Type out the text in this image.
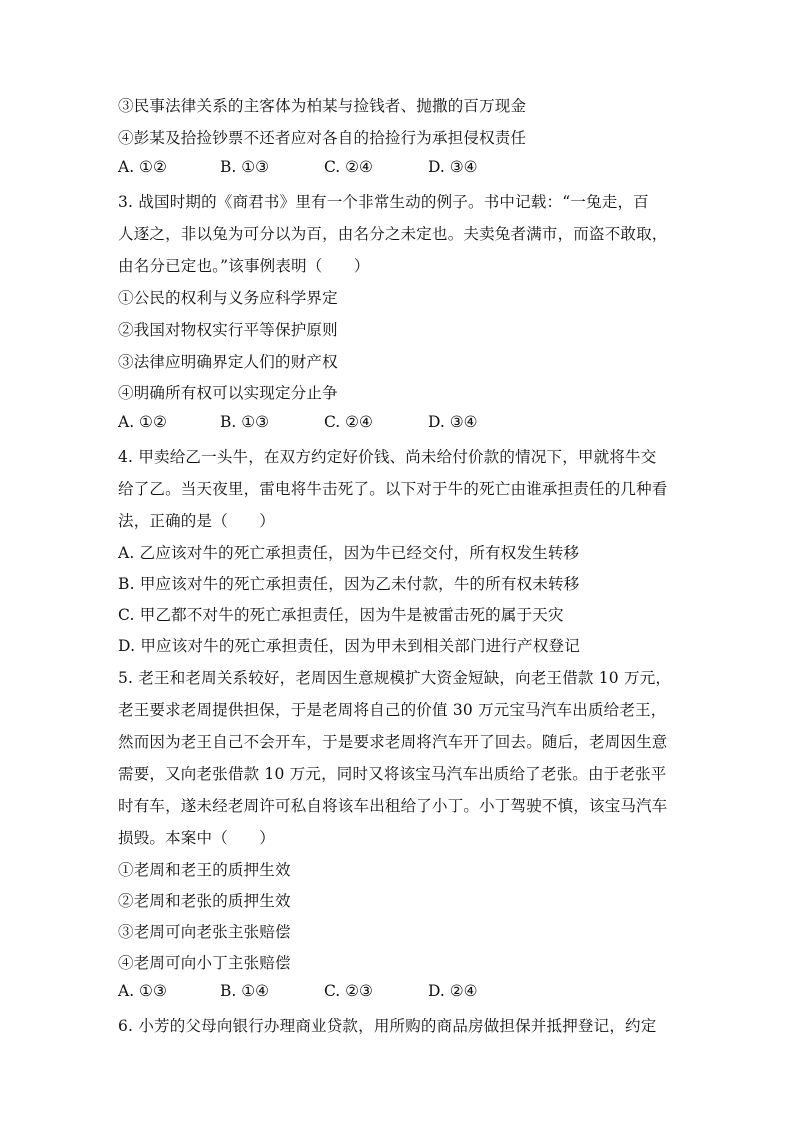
③民事法律关系的主客体为柏某与捡钱者、抛撒的百万现金
④彭某及拾捡钞票不还者应对各自的拾捡行为承担侵权责任
A. ①②	B. ①③	C. ②④	D. ③④
3. 战国时期的《商君书》里有一个非常生动的例子。书中记载：“一兔走，百
人逐之，非以兔为可分以为百，由名分之未定也。夫卖兔者满市，而盗不敢取，
由名分已定也。”该事例表明（　　）
①公民的权利与义务应科学界定
②我国对物权实行平等保护原则
③法律应明确界定人们的财产权
④明确所有权可以实现定分止争
A. ①②	B. ①③	C. ②④	D. ③④
4. 甲卖给乙一头牛，在双方约定好价钱、尚未给付价款的情况下，甲就将牛交
给了乙。当天夜里，雷电将牛击死了。以下对于牛的死亡由谁承担责任的几种看
法，正确的是（　　）
A. 乙应该对牛的死亡承担责任，因为牛已经交付，所有权发生转移
B. 甲应该对牛的死亡承担责任，因为乙未付款，牛的所有权未转移
C. 甲乙都不对牛的死亡承担责任，因为牛是被雷击死的属于天灾
D. 甲应该对牛的死亡承担责任，因为甲未到相关部门进行产权登记
5. 老王和老周关系较好，老周因生意规模扩大资金短缺，向老王借款 10 万元，
老王要求老周提供担保，于是老周将自己的价值 30 万元宝马汽车出质给老王，
然而因为老王自己不会开车，于是要求老周将汽车开了回去。随后，老周因生意
需要，又向老张借款 10 万元，同时又将该宝马汽车出质给了老张。由于老张平
时有车，遂未经老周许可私自将该车出租给了小丁。小丁驾驶不慎，该宝马汽车
损毁。本案中（　　）
①老周和老王的质押生效
②老周和老张的质押生效
③老周可向老张主张赔偿
④老周可向小丁主张赔偿
A. ①③	B. ①④	C. ②③	D. ②④
6. 小芳的父母向银行办理商业贷款，用所购的商品房做担保并抵押登记，约定
